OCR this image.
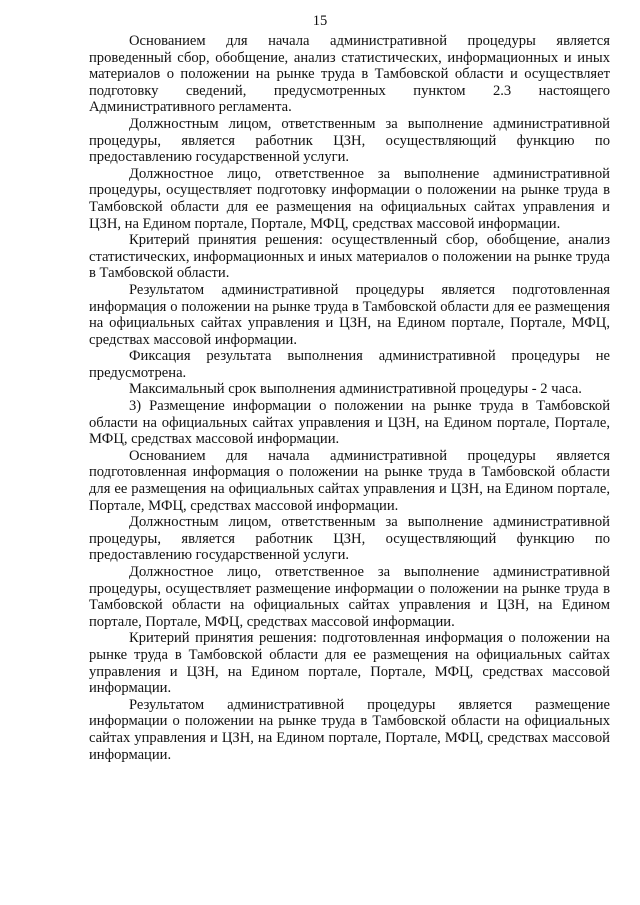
15

Основанием для начала административной процедуры является проведенный сбор, обобщение, анализ статистических, информационных и иных материалов о положении на рынке труда в Тамбовской области и осуществляет подготовку сведений, предусмотренных пунктом 2.3 настоящего Административного регламента.

Должностным лицом, ответственным за выполнение административной процедуры, является работник ЦЗН, осуществляющий функцию по предоставлению государственной услуги.

Должностное лицо, ответственное за выполнение административной процедуры, осуществляет подготовку информации о положении на рынке труда в Тамбовской области для ее размещения на официальных сайтах управления и ЦЗН, на Едином портале, Портале, МФЦ, средствах массовой информации.

Критерий принятия решения: осуществленный сбор, обобщение, анализ статистических, информационных и иных материалов о положении на рынке труда в Тамбовской области.

Результатом административной процедуры является подготовленная информация о положении на рынке труда в Тамбовской области для ее размещения на официальных сайтах управления и ЦЗН, на Едином портале, Портале, МФЦ, средствах массовой информации.

Фиксация результата выполнения административной процедуры не предусмотрена.

Максимальный срок выполнения административной процедуры - 2 часа.

3) Размещение информации о положении на рынке труда в Тамбовской области на официальных сайтах управления и ЦЗН, на Едином портале, Портале, МФЦ, средствах массовой информации.

Основанием для начала административной процедуры является подготовленная информация о положении на рынке труда в Тамбовской области для ее размещения на официальных сайтах управления и ЦЗН, на Едином портале, Портале, МФЦ, средствах массовой информации.

Должностным лицом, ответственным за выполнение административной процедуры, является работник ЦЗН, осуществляющий функцию по предоставлению государственной услуги.

Должностное лицо, ответственное за выполнение административной процедуры, осуществляет размещение информации о положении на рынке труда в Тамбовской области на официальных сайтах управления и ЦЗН, на Едином портале, Портале, МФЦ, средствах массовой информации.

Критерий принятия решения: подготовленная информация о положении на рынке труда в Тамбовской области для ее размещения на официальных сайтах управления и ЦЗН, на Едином портале, Портале, МФЦ, средствах массовой информации.

Результатом административной процедуры является размещение информации о положении на рынке труда в Тамбовской области на официальных сайтах управления и ЦЗН, на Едином портале, Портале, МФЦ, средствах массовой информации.
